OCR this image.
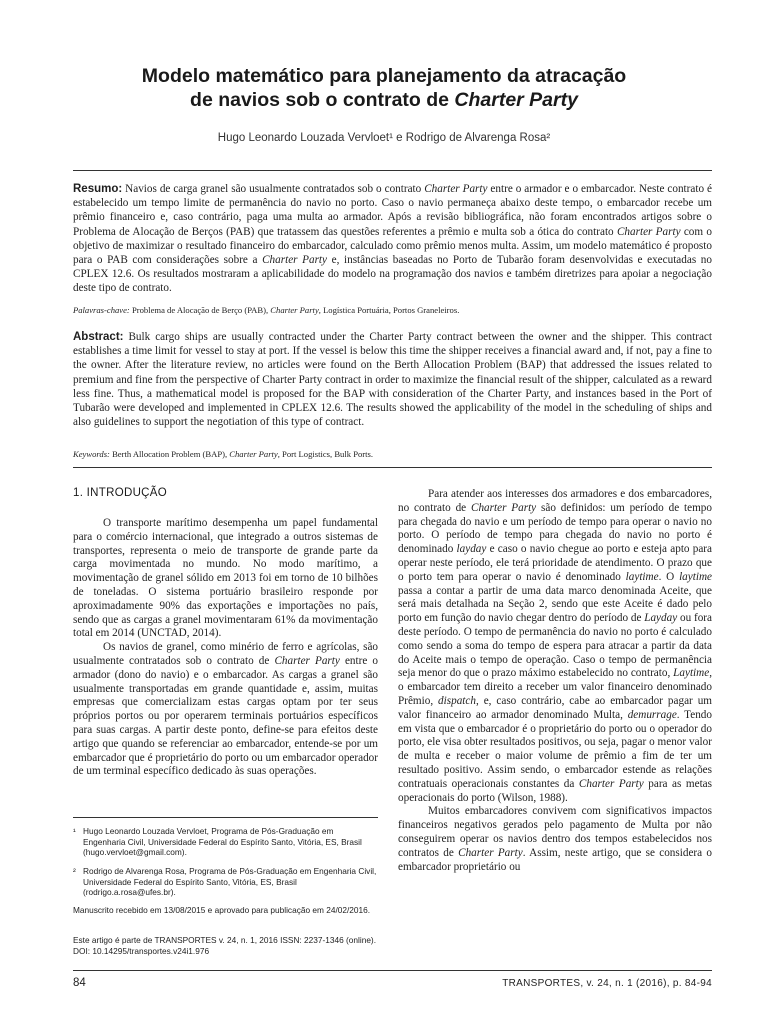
Modelo matemático para planejamento da atracação
de navios sob o contrato de Charter Party
Hugo Leonardo Louzada Vervloet¹ e Rodrigo de Alvarenga Rosa²
Resumo: Navios de carga granel são usualmente contratados sob o contrato Charter Party entre o armador e o embarcador. Neste contrato é estabelecido um tempo limite de permanência do navio no porto. Caso o navio permaneça abaixo deste tempo, o embarcador recebe um prêmio financeiro e, caso contrário, paga uma multa ao armador. Após a revisão bibliográfica, não foram encontrados artigos sobre o Problema de Alocação de Berços (PAB) que tratassem das questões referentes a prêmio e multa sob a ótica do contrato Charter Party com o objetivo de maximizar o resultado financeiro do embarcador, calculado como prêmio menos multa. Assim, um modelo matemático é proposto para o PAB com considerações sobre a Charter Party e, instâncias baseadas no Porto de Tubarão foram desenvolvidas e executadas no CPLEX 12.6. Os resultados mostraram a aplicabilidade do modelo na programação dos navios e também diretrizes para apoiar a negociação deste tipo de contrato.
Palavras-chave: Problema de Alocação de Berço (PAB), Charter Party, Logística Portuária, Portos Graneleiros.
Abstract: Bulk cargo ships are usually contracted under the Charter Party contract between the owner and the shipper. This contract establishes a time limit for vessel to stay at port. If the vessel is below this time the shipper receives a financial award and, if not, pay a fine to the owner. After the literature review, no articles were found on the Berth Allocation Problem (BAP) that addressed the issues related to premium and fine from the perspective of Charter Party contract in order to maximize the financial result of the shipper, calculated as a reward less fine. Thus, a mathematical model is proposed for the BAP with consideration of the Charter Party, and instances based in the Port of Tubarão were developed and implemented in CPLEX 12.6. The results showed the applicability of the model in the scheduling of ships and also guidelines to support the negotiation of this type of contract.
Keywords: Berth Allocation Problem (BAP), Charter Party, Port Logistics, Bulk Ports.
1. INTRODUÇÃO

O transporte marítimo desempenha um papel fundamental para o comércio internacional, que integrado a outros sistemas de transportes, representa o meio de transporte de grande parte da carga movimentada no mundo. No modo marítimo, a movimentação de granel sólido em 2013 foi em torno de 10 bilhões de toneladas. O sistema portuário brasileiro responde por aproximadamente 90% das exportações e importações no país, sendo que as cargas a granel movimentaram 61% da movimentação total em 2014 (UNCTAD, 2014).

Os navios de granel, como minério de ferro e agrícolas, são usualmente contratados sob o contrato de Charter Party entre o armador (dono do navio) e o embarcador. As cargas a granel são usualmente transportadas em grande quantidade e, assim, muitas empresas que comercializam estas cargas optam por ter seus próprios portos ou por operarem terminais portuários específicos para suas cargas. A partir deste ponto, define-se para efeitos deste artigo que quando se referenciar ao embarcador, entende-se por um embarcador que é proprietário do porto ou um embarcador operador de um terminal específico dedicado às suas operações.

¹ Hugo Leonardo Louzada Vervloet, Programa de Pós-Graduação em Engenharia Civil, Universidade Federal do Espírito Santo, Vitória, ES, Brasil (hugo.vervloet@gmail.com).
² Rodrigo de Alvarenga Rosa, Programa de Pós-Graduação em Engenharia Civil, Universidade Federal do Espírito Santo, Vitória, ES, Brasil (rodrigo.a.rosa@ufes.br).
Manuscrito recebido em 13/08/2015 e aprovado para publicação em 24/02/2016.
Este artigo é parte de TRANSPORTES v. 24, n. 1, 2016 ISSN: 2237-1346 (online). DOI: 10.14295/transportes.v24i1.976

Para atender aos interesses dos armadores e dos embarcadores, no contrato de Charter Party são definidos: um período de tempo para chegada do navio e um período de tempo para operar o navio no porto. O período de tempo para chegada do navio no porto é denominado layday e caso o navio chegue ao porto e esteja apto para operar neste período, ele terá prioridade de atendimento. O prazo que o porto tem para operar o navio é denominado laytime. O laytime passa a contar a partir de uma data marco denominada Aceite, que será mais detalhada na Seção 2, sendo que este Aceite é dado pelo porto em função do navio chegar dentro do período de Layday ou fora deste período. O tempo de permanência do navio no porto é calculado como sendo a soma do tempo de espera para atracar a partir da data do Aceite mais o tempo de operação. Caso o tempo de permanência seja menor do que o prazo máximo estabelecido no contrato, Laytime, o embarcador tem direito a receber um valor financeiro denominado Prêmio, dispatch, e, caso contrário, cabe ao embarcador pagar um valor financeiro ao armador denominado Multa, demurrage. Tendo em vista que o embarcador é o proprietário do porto ou o operador do porto, ele visa obter resultados positivos, ou seja, pagar o menor valor de multa e receber o maior volume de prêmio a fim de ter um resultado positivo. Assim sendo, o embarcador estende as relações contratuais operacionais constantes da Charter Party para as metas operacionais do porto (Wilson, 1988).

Muitos embarcadores convivem com significativos impactos financeiros negativos gerados pelo pagamento de Multa por não conseguirem operar os navios dentro dos tempos estabelecidos nos contratos de Charter Party. Assim, neste artigo, que se considera o embarcador proprietário ou

84	TRANSPORTES, v. 24, n. 1 (2016), p. 84-94
